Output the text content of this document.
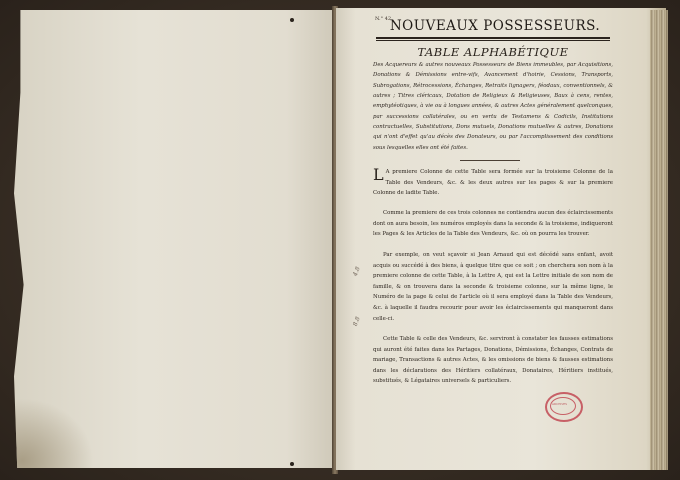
N.° 42
NOUVEAUX POSSESSEURS.
TABLE ALPHABÉTIQUE
Des Acquereurs & autres nouveaux Possesseurs de Biens immeubles, par Acquisitions, Donations & Démissions entre-vifs, Avancement d'hoirie, Cessions, Transports, Subrogations, Rétrocessions, Échanges, Retraits lignagers, féodaux, conventionnels, & autres ; Titres cléricaux, Dotation de Religieux & Religieuses, Baux à cens, rentes, emphytéotiques, à vie ou à longues années, & autres Actes généralement quelconques, par successions collatérales, ou en vertu de Testamens & Codicils, Institutions contractuelles, Substitutions, Dons mutuels, Donations mutuelles & autres, Donations qui n'ont d'effet qu'au décès des Donateurs, ou par l'accomplissement des conditions sous lesquelles elles ont été faites.
L A premiere Colonne de cette Table sera formée sur la troisieme Colonne de la Table des Vendeurs, &c. & les deux autres sur les pages & sur la premiere Colonne de ladite Table.
Comme la premiere de ces trois colonnes ne contiendra aucun des éclaircissements dont on aura besoin, les numéros employés dans la seconde & la troisieme, indiqueront les Pages & les Articles de la Table des Vendeurs, &c. où on pourra les trouver.
Par exemple, on veut sçavoir si Jean Arnaud qui est décédé sans enfant, avoit acquis ou succédé à des biens, à quelque titre que ce soit ; on cherchera son nom à la premiere colonne de cette Table, à la Lettre A, qui est la Lettre initiale de son nom de famille, & on trouvera dans la seconde & troisieme colonne, sur la même ligne, le Numéro de la page & celui de l'article où il sera employé dans la Table des Vendeurs, &c. à laquelle il faudra recourir pour avoir les éclaircissements qui manqueront dans celle-ci.
Cette Table & celle des Vendeurs, &c. serviront à constater les fausses estimations qui auront été faites dans les Partages, Donations, Démissions, Échanges, Contrats de mariage, Transactions & autres Actes, & les omissions de biens & fausses estimations dans les déclarations des Héritiers collatéraux, Donataires, Héritiers institués, substitués, & Légataires universels & particuliers.
4.8
8.8
ARCHIVES
